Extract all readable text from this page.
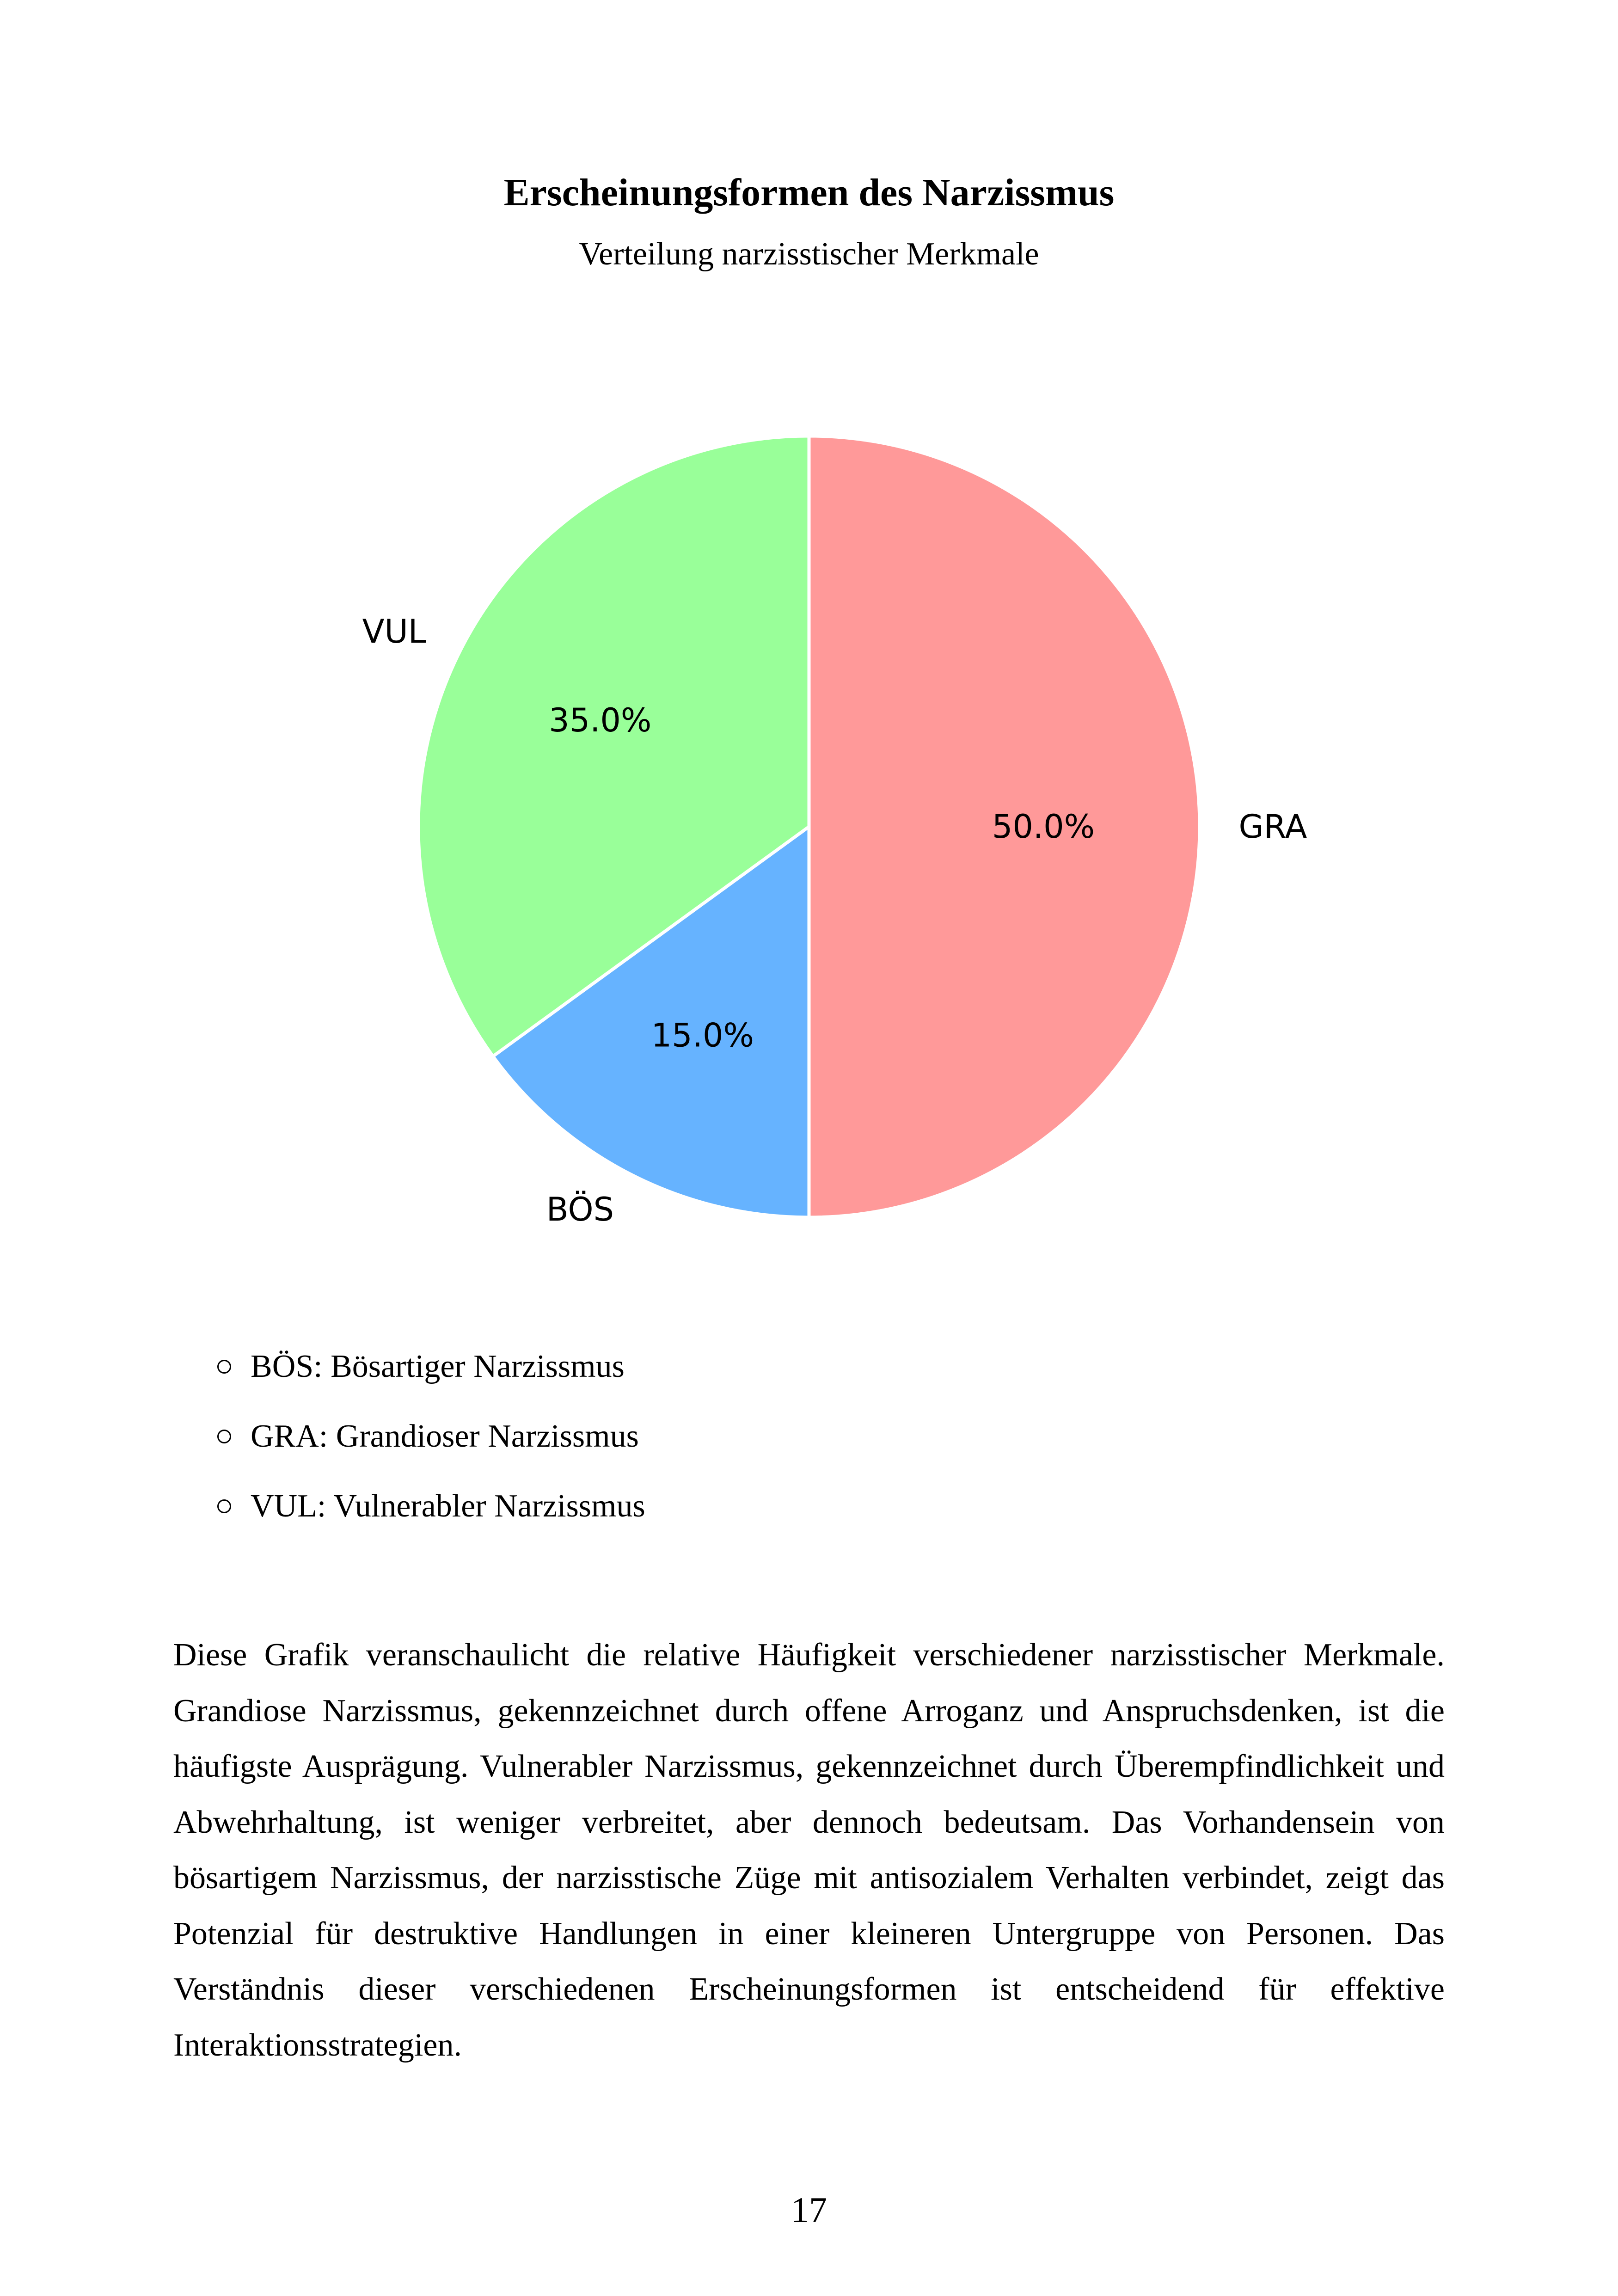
Erscheinungsformen des Narzissmus
Verteilung narzisstischer Merkmale
50.0%	GRA
15.0%
BÖS
35.0%
VUL
BÖS: Bösartiger Narzissmus
GRA: Grandioser Narzissmus
VUL: Vulnerabler Narzissmus

Diese Grafik veranschaulicht die relative Häufigkeit verschiedener narzisstischer Merkmale. Grandiose Narzissmus, gekennzeichnet durch offene Arroganz und Anspruchsdenken, ist die häufigste Ausprägung. Vulnerabler Narzissmus, gekennzeichnet durch Überempfindlichkeit und Abwehrhaltung, ist weniger verbreitet, aber dennoch bedeutsam. Das Vorhandensein von bösartigem Narzissmus, der narzisstische Züge mit antisozialem Verhalten verbindet, zeigt das Potenzial für destruktive Handlungen in einer kleineren Untergruppe von Personen. Das Verständnis dieser verschiedenen Erscheinungsformen ist entscheidend für effektive Interaktionsstrategien.

17
